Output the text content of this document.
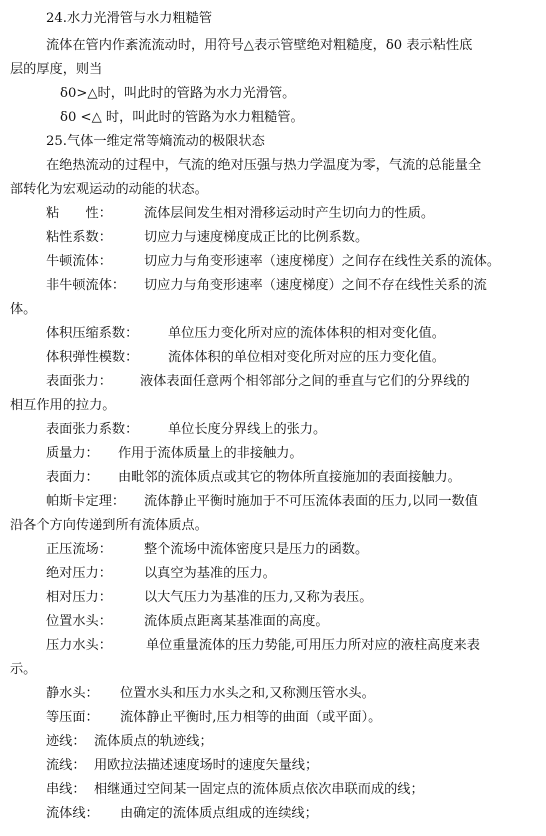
24.水力光滑管与水力粗糙管
流体在管内作紊流流动时，用符号△表示管壁绝对粗糙度，δ0 表示粘性底
层的厚度，则当
δ0>△时，叫此时的管路为水力光滑管。
δ0 <△ 时，叫此时的管路为水力粗糙管。
25.气体一维定常等熵流动的极限状态
在绝热流动的过程中，气流的绝对压强与热力学温度为零，气流的总能量全
部转化为宏观运动的动能的状态。
粘　　性： 流体层间发生相对滑移运动时产生切向力的性质。
粘性系数： 切应力与速度梯度成正比的比例系数。
牛顿流体： 切应力与角变形速率（速度梯度）之间存在线性关系的流体。
非牛顿流体： 切应力与角变形速率（速度梯度）之间不存在线性关系的流
体。
体积压缩系数： 单位压力变化所对应的流体体积的相对变化值。
体积弹性模数： 流体体积的单位相对变化所对应的压力变化值。
表面张力： 液体表面任意两个相邻部分之间的垂直与它们的分界线的
相互作用的拉力。
表面张力系数： 单位长度分界线上的张力。
质量力： 作用于流体质量上的非接触力。
表面力： 由毗邻的流体质点或其它的物体所直接施加的表面接触力。
帕斯卡定理： 流体静止平衡时施加于不可压流体表面的压力,以同一数值
沿各个方向传递到所有流体质点。
正压流场： 整个流场中流体密度只是压力的函数。
绝对压力： 以真空为基准的压力。
相对压力： 以大气压力为基准的压力,又称为表压。
位置水头： 流体质点距离某基准面的高度。
压力水头：	单位重量流体的压力势能,可用压力所对应的液柱高度来表
示。
静水头： 位置水头和压力水头之和,又称测压管水头。
等压面： 流体静止平衡时,压力相等的曲面（或平面）。
迹线： 流体质点的轨迹线；
流线： 用欧拉法描述速度场时的速度矢量线；
串线： 相继通过空间某一固定点的流体质点依次串联而成的线；
流体线： 由确定的流体质点组成的连续线；
